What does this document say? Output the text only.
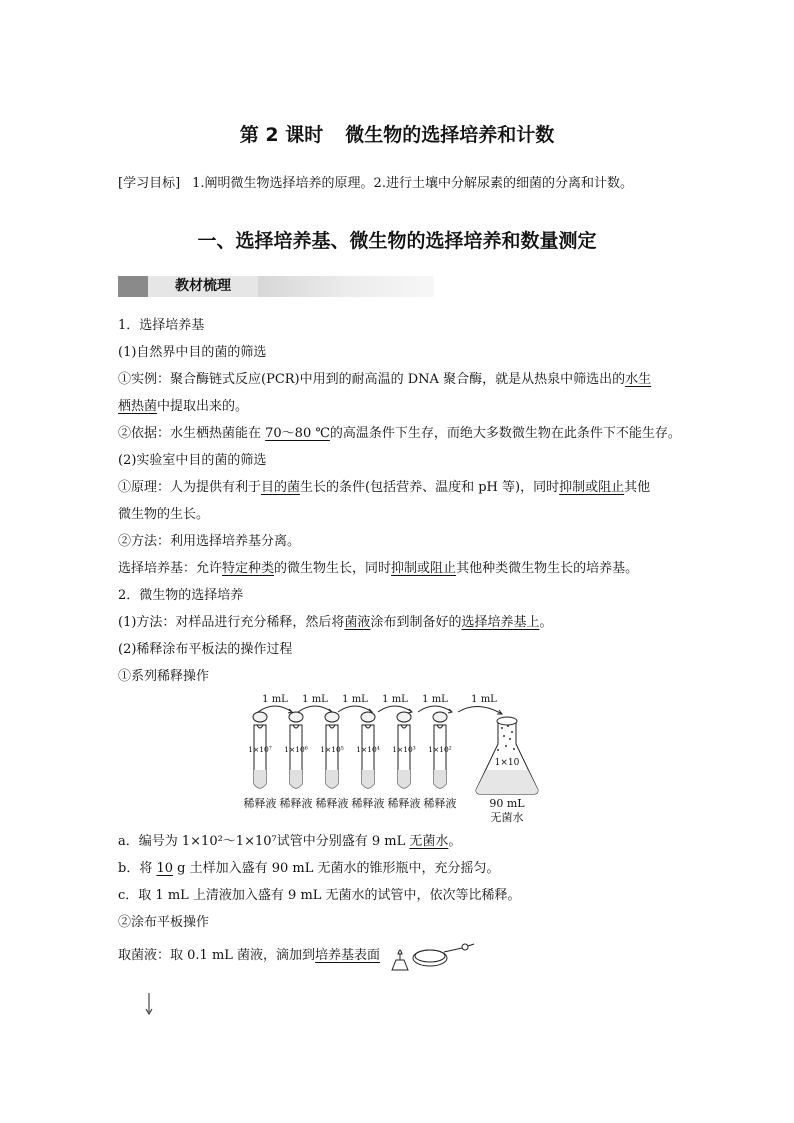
第 2 课时 微生物的选择培养和计数
[学习目标] 1.阐明微生物选择培养的原理。2.进行土壤中分解尿素的细菌的分离和计数。
一、选择培养基、微生物的选择培养和数量测定
教材梳理

1．选择培养基

(1)自然界中目的菌的筛选

①实例：聚合酶链式反应(PCR)中用到的耐高温的 DNA 聚合酶，就是从热泉中筛选出的水生

栖热菌中提取出来的。

②依据：水生栖热菌能在 70～80 ℃的高温条件下生存，而绝大多数微生物在此条件下不能生存。

(2)实验室中目的菌的筛选

①原理：人为提供有利于目的菌生长的条件(包括营养、温度和 pH 等)，同时抑制或阻止其他

微生物的生长。

②方法：利用选择培养基分离。

选择培养基：允许特定种类的微生物生长，同时抑制或阻止其他种类微生物生长的培养基。

2．微生物的选择培养

(1)方法：对样品进行充分稀释，然后将菌液涂布到制备好的选择培养基上。

(2)稀释涂布平板法的操作过程

①系列稀释操作

1 mL 1 mL 1 mL 1 mL 1 mL 1 mL
1×10⁷ 1×10⁶ 1×10⁵ 1×10⁴ 1×10³ 1×10²
1×10
稀释液 稀释液 稀释液 稀释液 稀释液 稀释液	90 mL
无菌水

a．编号为 1×10²～1×10⁷试管中分别盛有 9 mL 无菌水。

b．将 10 g 土样加入盛有 90 mL 无菌水的锥形瓶中，充分摇匀。

c．取 1 mL 上清液加入盛有 9 mL 无菌水的试管中，依次等比稀释。

②涂布平板操作

取菌液：取 0.1 mL 菌液，滴加到培养基表面
